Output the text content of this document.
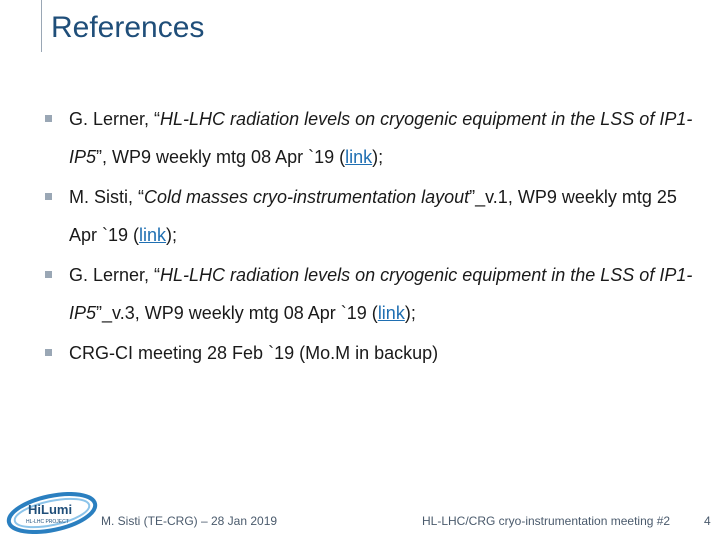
References
G. Lerner, “HL-LHC radiation levels on cryogenic equipment in the LSS of IP1-IP5”, WP9 weekly mtg 08 Apr `19 (link);
M. Sisti, “Cold masses cryo-instrumentation layout”_v.1, WP9 weekly mtg 25 Apr `19 (link);
G. Lerner, “HL-LHC radiation levels on cryogenic equipment in the LSS of IP1-IP5”_v.3, WP9 weekly mtg 08 Apr `19 (link);
CRG-CI meeting 28 Feb `19 (Mo.M in backup)
HiLumi
HL-LHC PROJECT	M. Sisti (TE-CRG) – 28 Jan 2019	HL-LHC/CRG cryo-instrumentation meeting #2	4
